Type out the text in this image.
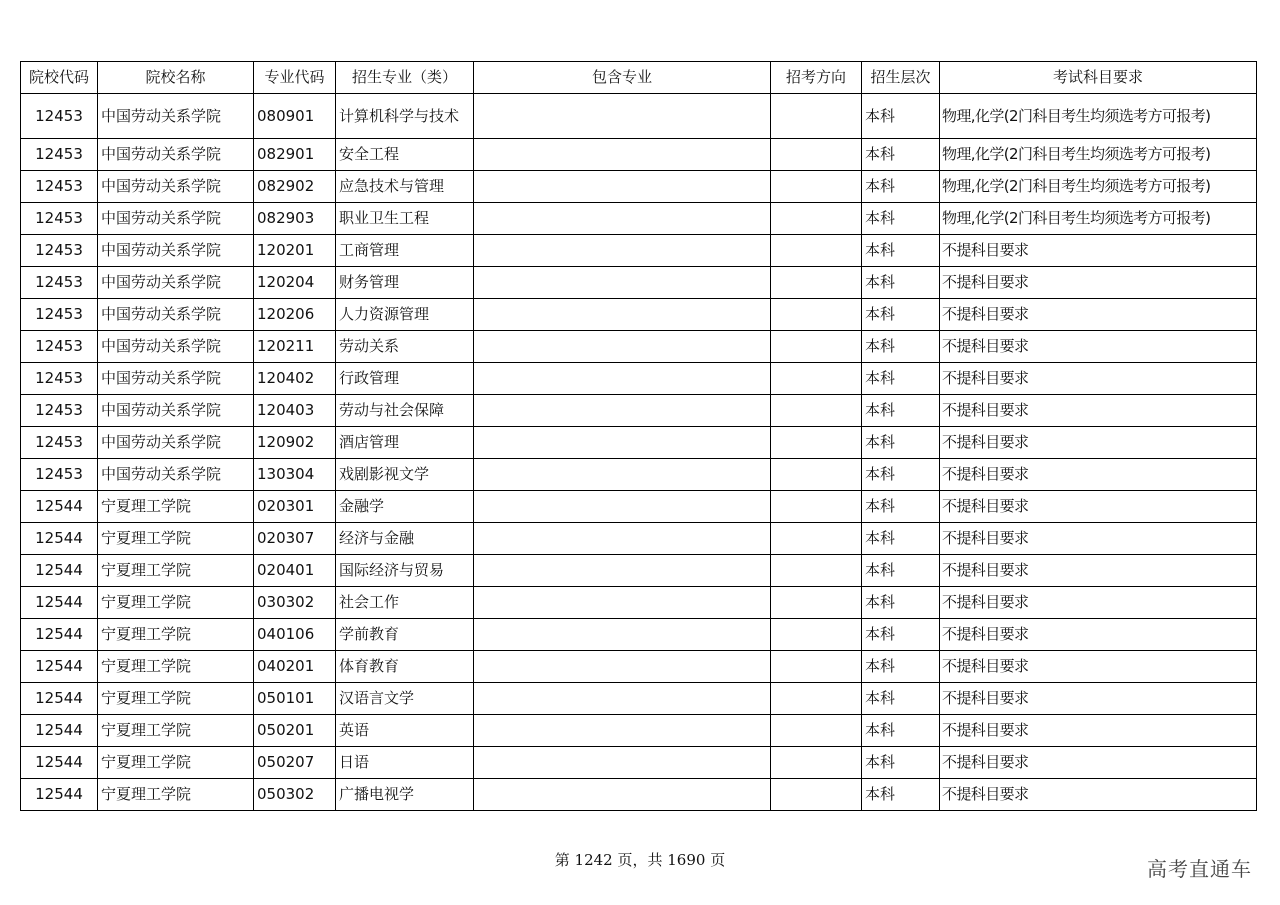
院校代码	院校名称	专业代码	招生专业（类）	包含专业	招考方向	招生层次	考试科目要求
12453	中国劳动关系学院	080901	计算机科学与技术			本科	物理,化学(2门科目考生均须选考方可报考)
12453	中国劳动关系学院	082901	安全工程			本科	物理,化学(2门科目考生均须选考方可报考)
12453	中国劳动关系学院	082902	应急技术与管理			本科	物理,化学(2门科目考生均须选考方可报考)
12453	中国劳动关系学院	082903	职业卫生工程			本科	物理,化学(2门科目考生均须选考方可报考)
12453	中国劳动关系学院	120201	工商管理			本科	不提科目要求
12453	中国劳动关系学院	120204	财务管理			本科	不提科目要求
12453	中国劳动关系学院	120206	人力资源管理			本科	不提科目要求
12453	中国劳动关系学院	120211	劳动关系			本科	不提科目要求
12453	中国劳动关系学院	120402	行政管理			本科	不提科目要求
12453	中国劳动关系学院	120403	劳动与社会保障			本科	不提科目要求
12453	中国劳动关系学院	120902	酒店管理			本科	不提科目要求
12453	中国劳动关系学院	130304	戏剧影视文学			本科	不提科目要求
12544	宁夏理工学院	020301	金融学			本科	不提科目要求
12544	宁夏理工学院	020307	经济与金融			本科	不提科目要求
12544	宁夏理工学院	020401	国际经济与贸易			本科	不提科目要求
12544	宁夏理工学院	030302	社会工作			本科	不提科目要求
12544	宁夏理工学院	040106	学前教育			本科	不提科目要求
12544	宁夏理工学院	040201	体育教育			本科	不提科目要求
12544	宁夏理工学院	050101	汉语言文学			本科	不提科目要求
12544	宁夏理工学院	050201	英语			本科	不提科目要求
12544	宁夏理工学院	050207	日语			本科	不提科目要求
12544	宁夏理工学院	050302	广播电视学			本科	不提科目要求
第 1242 页，共 1690 页	高考直通车
